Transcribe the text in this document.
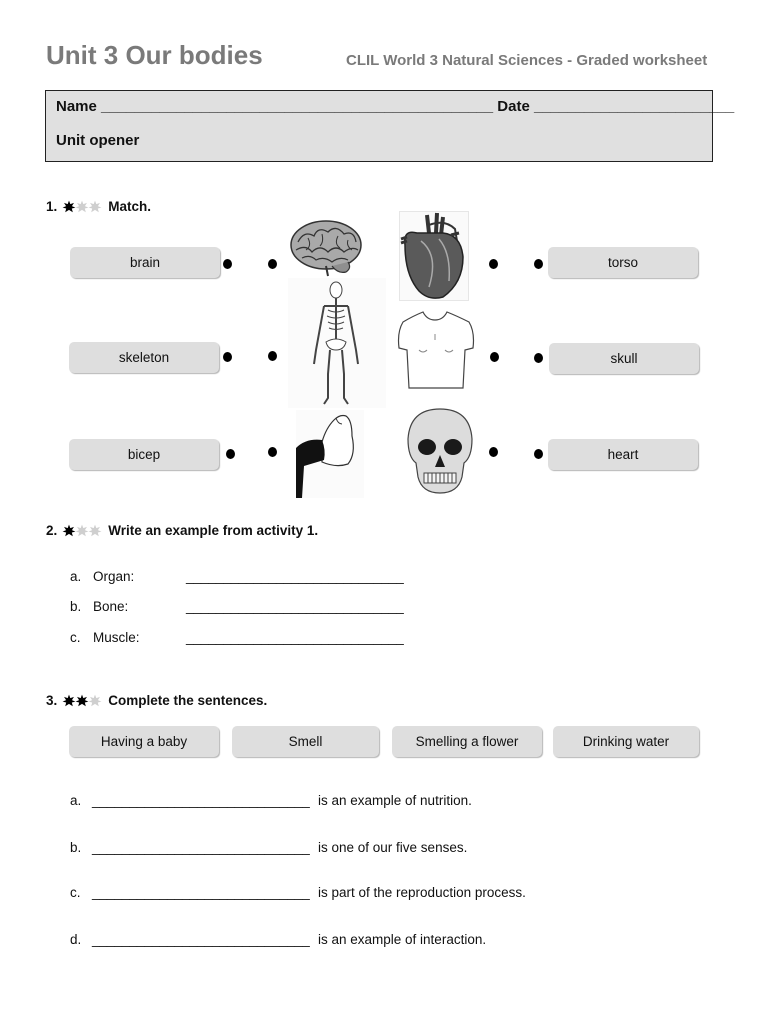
Unit 3 Our bodies	CLIL World 3 Natural Sciences - Graded worksheet
Name _______________________________________________ Date ________________________
Unit opener
1.	Match.
brain
skeleton
bicep
torso
skull
heart
2.	Write an example from activity 1.
a. Organ:	_____________________________
b. Bone:	_____________________________
c. Muscle:	_____________________________
3.	Complete the sentences.
Having a baby	Smell	Smelling a flower	Drinking water
a. _____________________________ is an example of nutrition.
b. _____________________________ is one of our five senses.
c. _____________________________ is part of the reproduction process.
d. _____________________________ is an example of interaction.
